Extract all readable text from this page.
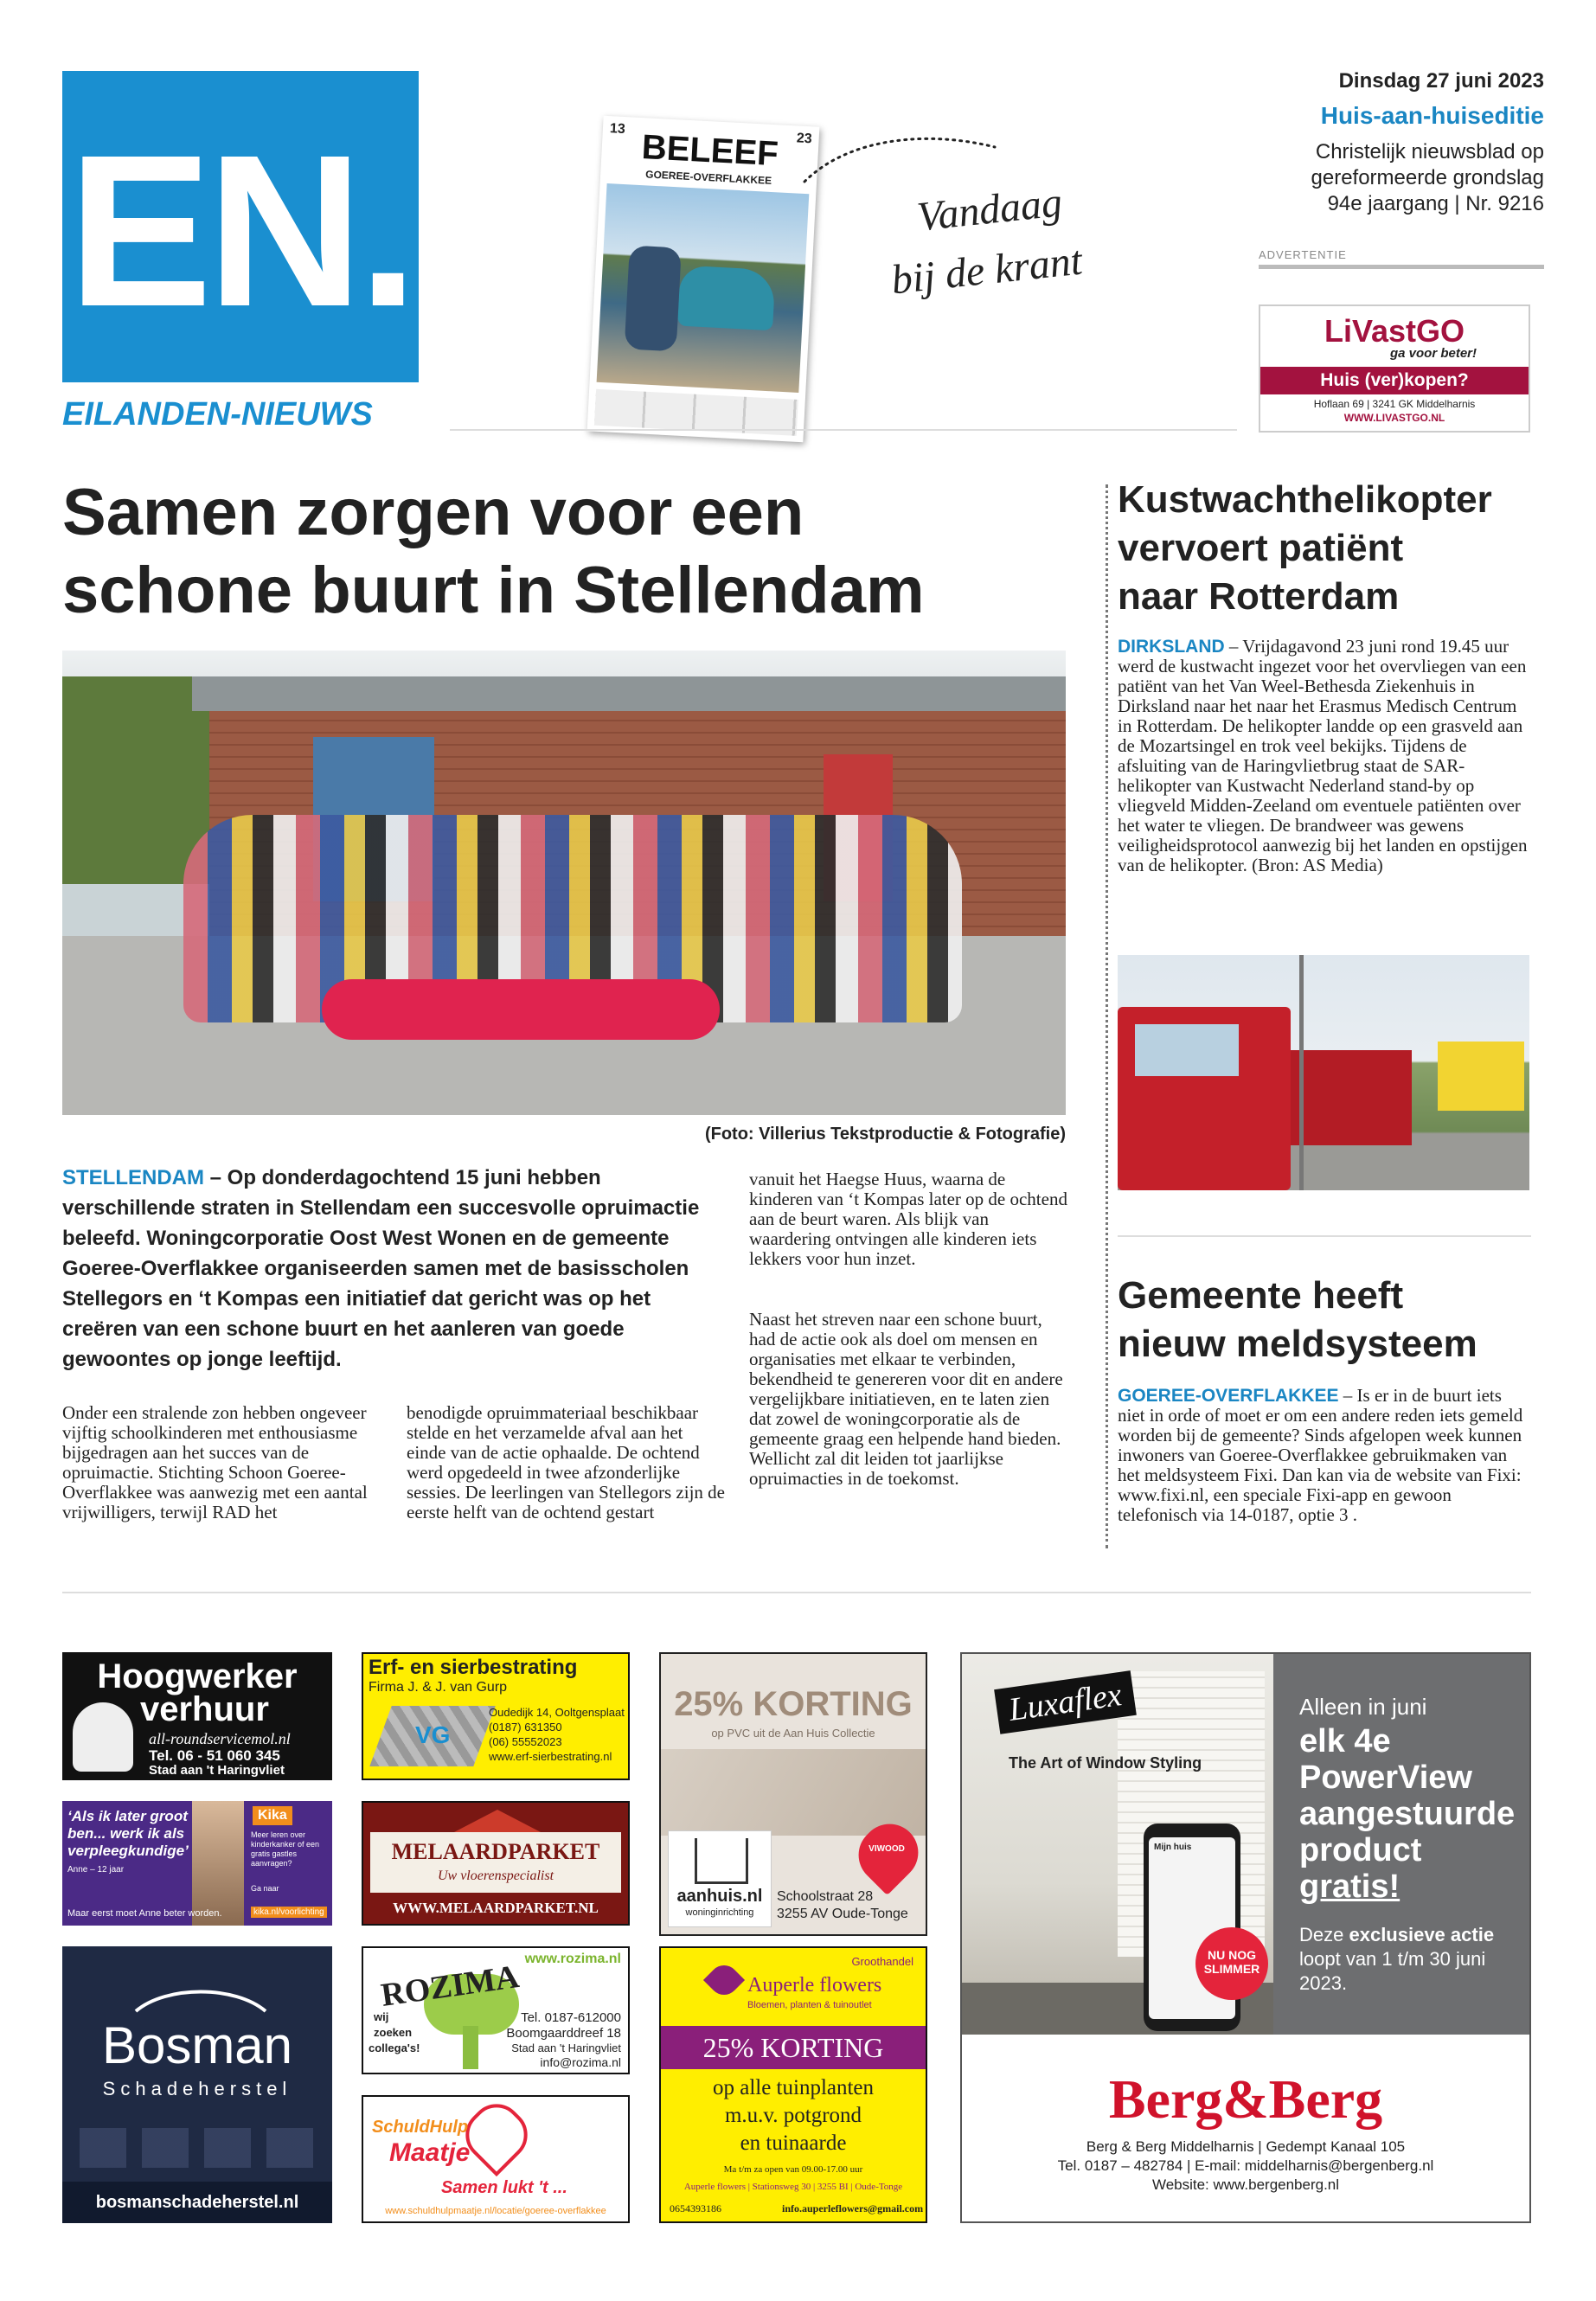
EN.
EILANDEN-NIEUWS
13
23
BELEEF
GOEREE-OVERFLAKKEE
Vandaag
bij de krant
Dinsdag 27 juni 2023
Huis-aan-huiseditie
Christelijk nieuwsblad op
gereformeerde grondslag
94e jaargang | Nr. 9216
ADVERTENTIE
LiVastGO
ga voor beter!
Huis (ver)kopen?
Hoflaan 69 | 3241 GK Middelharnis
WWW.LIVASTGO.NL
Samen zorgen voor een
schone buurt in Stellendam
(Foto: Villerius Tekstproductie & Fotografie)
STELLENDAM – Op donderdagochtend 15 juni hebben verschillende straten in Stellendam een succesvolle opruimactie beleefd. Woningcorporatie Oost West Wonen en de gemeente Goeree-Overflakkee organiseerden samen met de basisscholen Stellegors en ‘t Kompas een initiatief dat gericht was op het creëren van een schone buurt en het aanleren van goede gewoontes op jonge leeftijd.
Onder een stralende zon hebben ongeveer vijftig schoolkinderen met enthousiasme bijgedragen aan het succes van de opruimactie. Stichting Schoon Goeree-Overflakkee was aanwezig met een aantal vrijwilligers, terwijl RAD het
benodigde opruimmateriaal beschikbaar stelde en het verzamelde afval aan het einde van de actie ophaalde. De ochtend werd opgedeeld in twee afzonderlijke sessies. De leerlingen van Stellegors zijn de eerste helft van de ochtend gestart
vanuit het Haegse Huus, waarna de kinderen van ‘t Kompas later op de ochtend aan de beurt waren. Als blijk van waardering ontvingen alle kinderen iets lekkers voor hun inzet.
Naast het streven naar een schone buurt, had de actie ook als doel om mensen en organisaties met elkaar te verbinden, bekendheid te genereren voor dit en andere vergelijkbare initiatieven, en te laten zien dat zowel de woningcorporatie als de gemeente graag een helpende hand bieden. Wellicht zal dit leiden tot jaarlijkse opruimacties in de toekomst.
Kustwachthelikopter
vervoert patiënt
naar Rotterdam
DIRKSLAND – Vrijdagavond 23 juni rond 19.45 uur werd de kustwacht ingezet voor het overvliegen van een patiënt van het Van Weel-Bethesda Ziekenhuis in Dirksland naar het naar het Erasmus Medisch Centrum in Rotterdam. De helikopter landde op een grasveld aan de Mozartsingel en trok veel bekijks. Tijdens de afsluiting van de Haringvlietbrug staat de SAR-helikopter van Kustwacht Nederland stand-by op vliegveld Midden-Zeeland om eventuele patiënten over het water te vliegen. De brandweer was gewens veiligheidsprotocol aanwezig bij het landen en opstijgen van de helikopter. (Bron: AS Media)
Gemeente heeft
nieuw meldsysteem
GOEREE-OVERFLAKKEE – Is er in de buurt iets niet in orde of moet er om een andere reden iets gemeld worden bij de gemeente? Sinds afgelopen week kunnen inwoners van Goeree-Overflakkee gebruikmaken van het meldsysteem Fixi. Dan kan via de website van Fixi: www.fixi.nl, een speciale Fixi-app en gewoon telefonisch via 14-0187, optie 3 .
Hoogwerker
verhuur
all-roundservicemol.nl
Tel. 06 - 51 060 345
Stad aan 't Haringvliet
Erf- en sierbestrating
Firma J. & J. van Gurp
VG
Oudedijk 14, Ooltgensplaat
(0187) 631350
(06) 55552023
www.erf-sierbestrating.nl
25% KORTING
op PVC uit de Aan Huis Collectie
aanhuis.nl
woninginrichting
VIWOOD
Schoolstraat 28
3255 AV Oude-Tonge
Luxaflex
The Art of Window Styling
Mijn huis
NU NOG
SLIMMER
Alleen in juni
elk 4e
PowerView
aangestuurde
product
gratis!
Deze exclusieve actie
loopt van 1 t/m 30 juni
2023.
Berg&Berg
Berg & Berg Middelharnis | Gedempt Kanaal 105
Tel. 0187 – 482784 | E-mail: middelharnis@bergenberg.nl
Website: www.bergenberg.nl
‘Als ik later groot
ben... werk ik als
verpleegkundige’
Anne – 12 jaar
Maar eerst moet Anne beter worden.
Kika
Meer leren over kinderkanker of een gratis gastles aanvragen?
Ga naar
kika.nl/voorlichting
MELAARDPARKET
Uw vloerenspecialist
WWW.MELAARDPARKET.NL
Bosman
Schadeherstel
bosmanschadeherstel.nl
www.rozima.nl
ROZIMA
wij
zoeken
collega's!
Tel. 0187-612000
Boomgaarddreef 18
Stad aan 't Haringvliet
info@rozima.nl
Groothandel
Auperle flowers
Bloemen, planten & tuinoutlet
25% KORTING
op alle tuinplanten
m.u.v. potgrond
en tuinaarde
Ma t/m za open van 09.00-17.00 uur
Auperle flowers | Stationsweg 30 | 3255 BI | Oude-Tonge
0654393186	info.auperleflowers@gmail.com
SchuldHulp
Maatje
Samen lukt 't ...
www.schuldhulpmaatje.nl/locatie/goeree-overflakkee
